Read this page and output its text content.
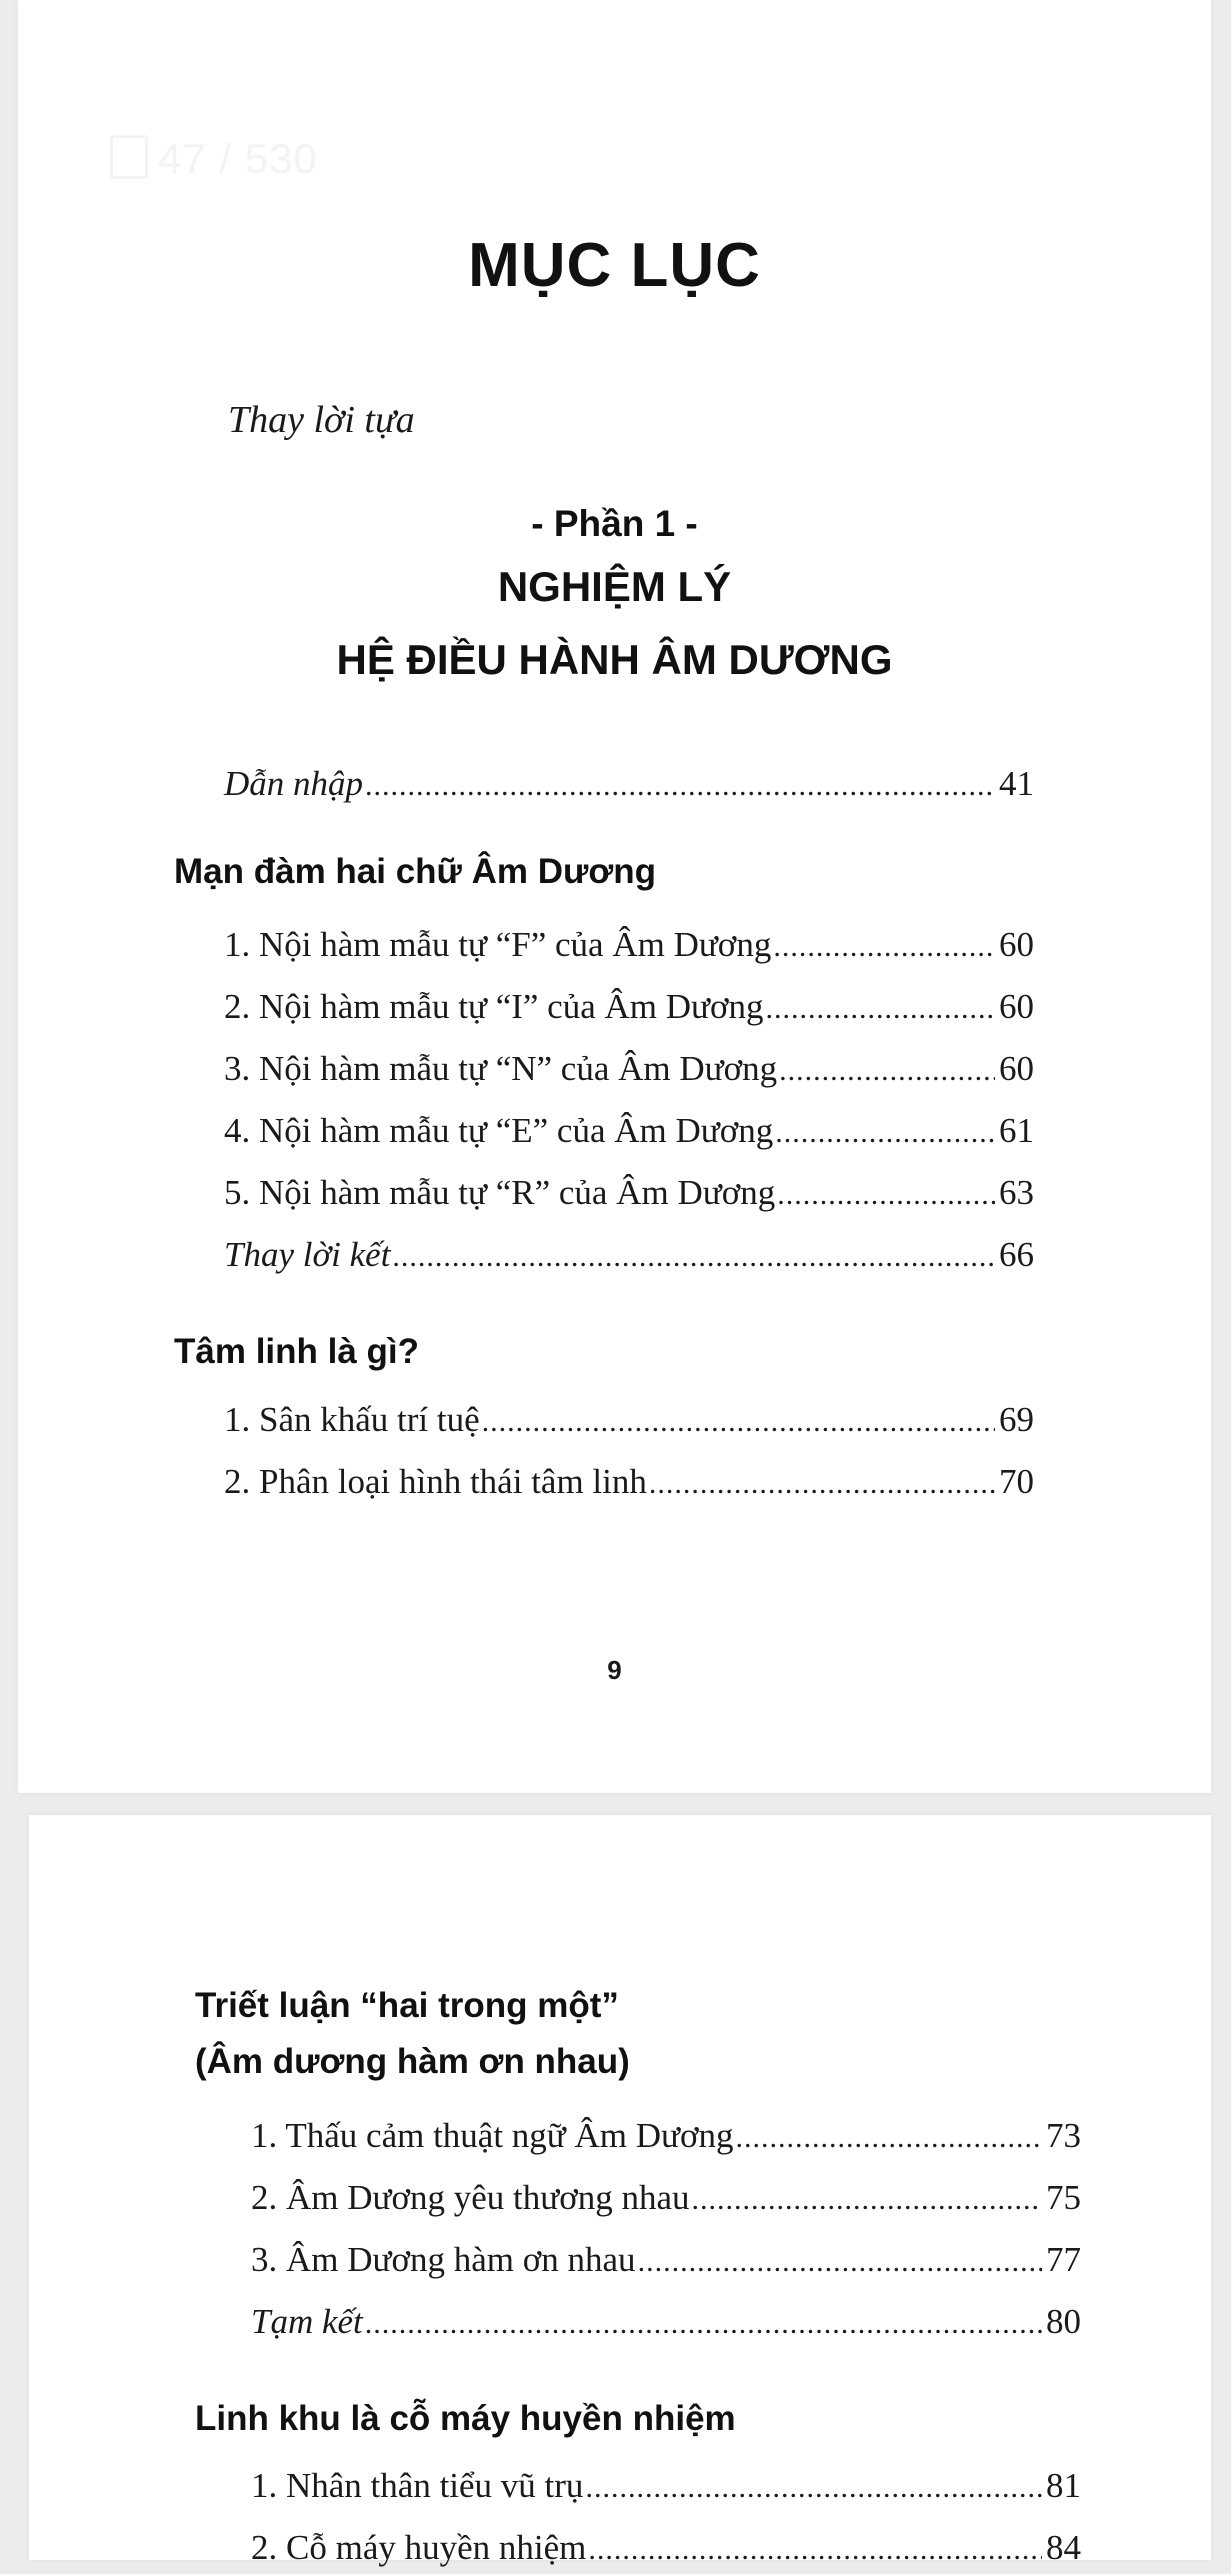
47 / 530
MỤC LỤC
Thay lời tựa
- Phần 1 -
NGHIỆM LÝ
HỆ ĐIỀU HÀNH ÂM DƯƠNG
Dẫn nhập .....	41
Mạn đàm hai chữ Âm Dương
1. Nội hàm mẫu tự “F” của Âm Dương .....	60
2. Nội hàm mẫu tự “I” của Âm Dương .....	60
3. Nội hàm mẫu tự “N” của Âm Dương .....	60
4. Nội hàm mẫu tự “E” của Âm Dương .....	61
5. Nội hàm mẫu tự “R” của Âm Dương .....	63
Thay lời kết .....	66
Tâm linh là gì?
1. Sân khấu trí tuệ .....	69
2. Phân loại hình thái tâm linh .....	70
9
Triết luận “hai trong một”
(Âm dương hàm ơn nhau)
1. Thấu cảm thuật ngữ Âm Dương .....	73
2. Âm Dương yêu thương nhau .....	75
3. Âm Dương hàm ơn nhau .....	77
Tạm kết .....	80
Linh khu là cỗ máy huyền nhiệm
1. Nhân thân tiểu vũ trụ .....	81
2. Cỗ máy huyền nhiệm .....	84
